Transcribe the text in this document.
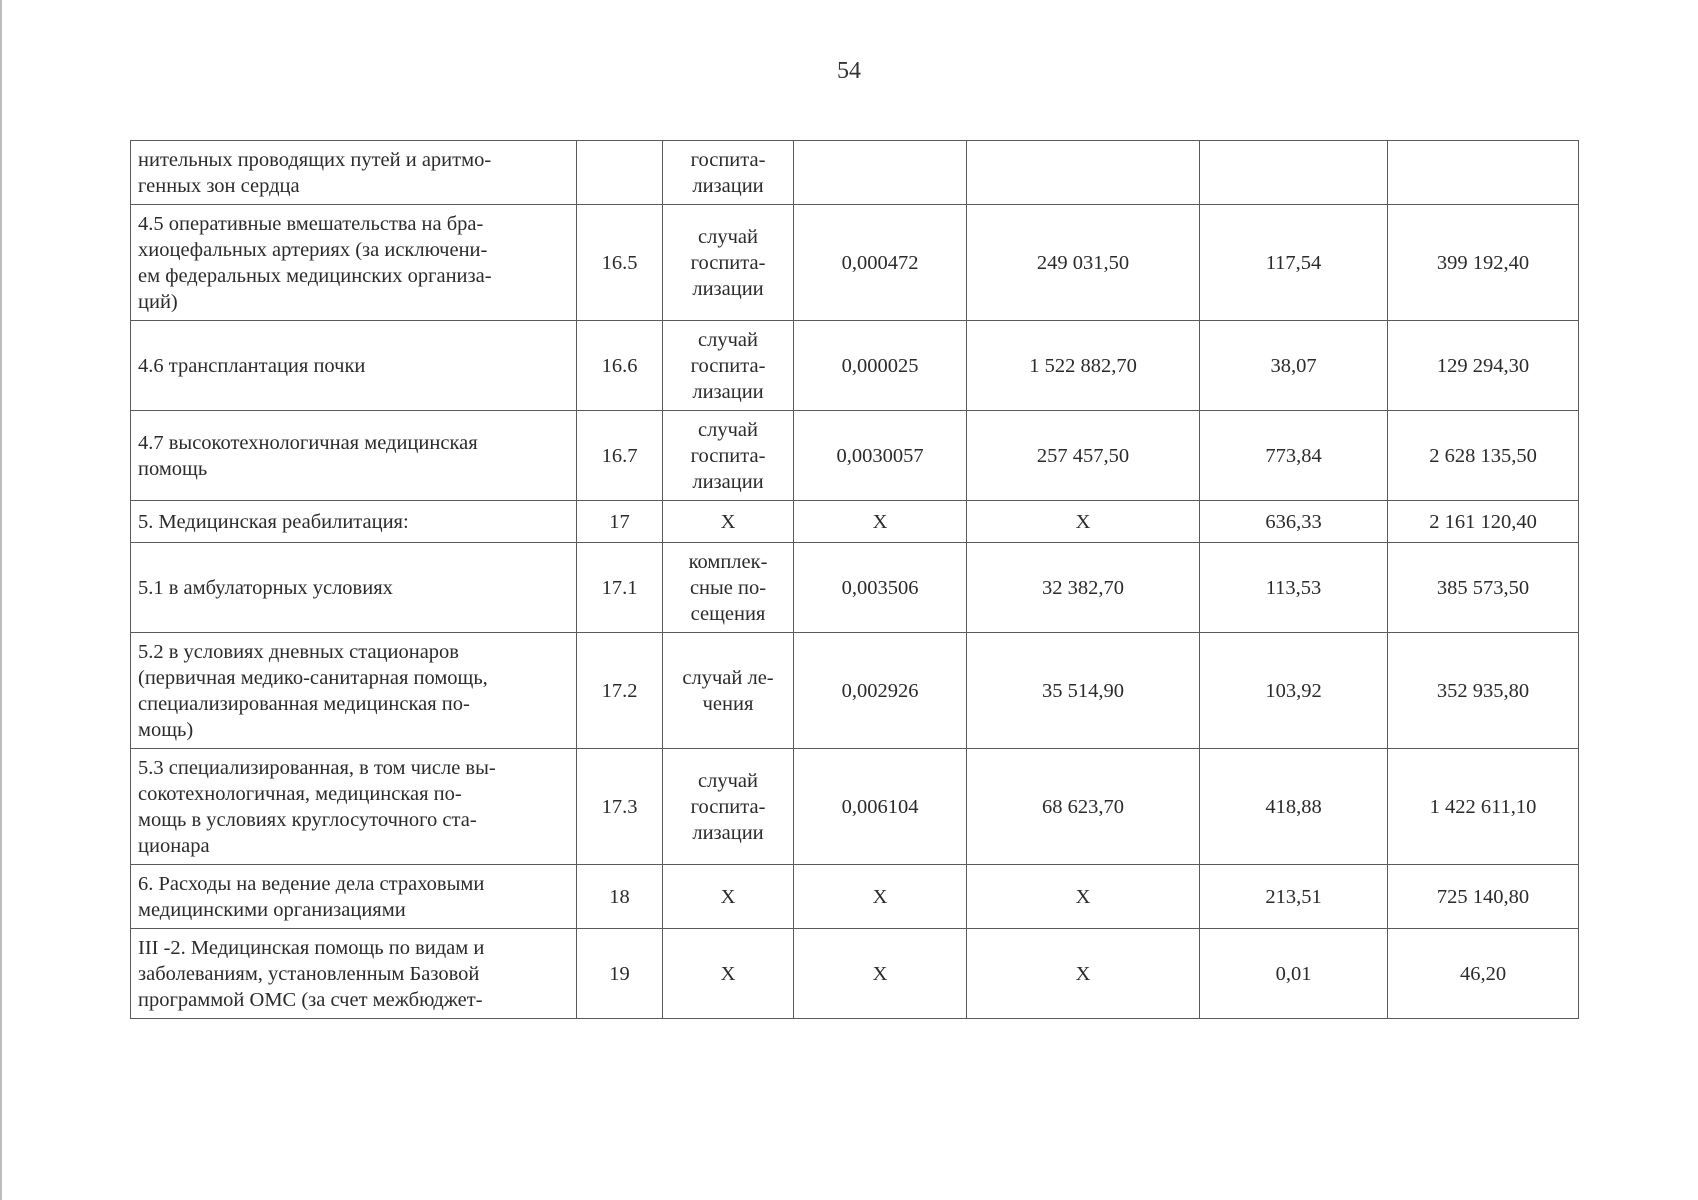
54
нительных проводящих путей и аритмо-
генных зон сердца		госпита-
лизации				
4.5 оперативные вмешательства на бра-
хиоцефальных артериях (за исключени-
ем федеральных медицинских организа-
ций)	16.5	случай
госпита-
лизации	0,000472	249 031,50	117,54	399 192,40
4.6 трансплантация почки	16.6	случай
госпита-
лизации	0,000025	1 522 882,70	38,07	129 294,30
4.7 высокотехнологичная медицинская
помощь	16.7	случай
госпита-
лизации	0,0030057	257 457,50	773,84	2 628 135,50
5. Медицинская реабилитация:	17	X	X	X	636,33	2 161 120,40
5.1 в амбулаторных условиях	17.1	комплек-
сные по-
сещения	0,003506	32 382,70	113,53	385 573,50
5.2 в условиях дневных стационаров
(первичная медико-санитарная помощь,
специализированная медицинская по-
мощь)	17.2	случай ле-
чения	0,002926	35 514,90	103,92	352 935,80
5.3 специализированная, в том числе вы-
сокотехнологичная, медицинская по-
мощь в условиях круглосуточного ста-
ционара	17.3	случай
госпита-
лизации	0,006104	68 623,70	418,88	1 422 611,10
6. Расходы на ведение дела страховыми
медицинскими организациями	18	X	X	X	213,51	725 140,80
III -2. Медицинская помощь по видам и
заболеваниям, установленным Базовой
программой ОМС (за счет межбюджет-	19	X	X	X	0,01	46,20
